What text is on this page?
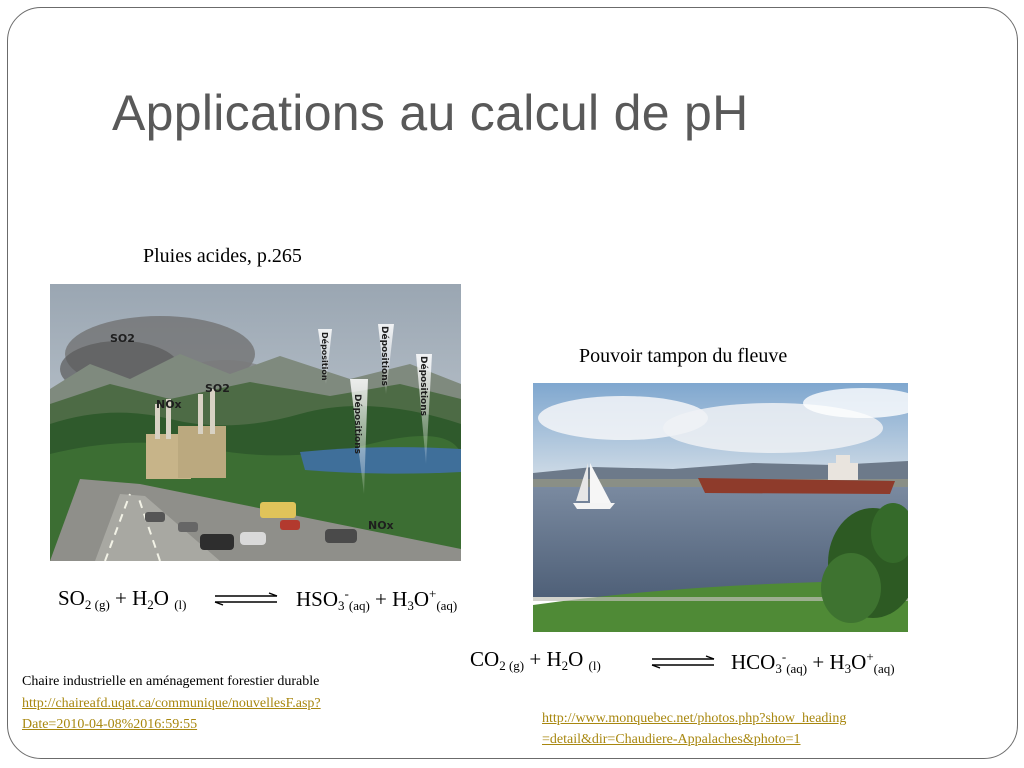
Applications au calcul de pH
Pluies acides, p.265
SO2
SO2
NOx
NOx
Déposition	Dépositions
Dépositions
Dépositions
Pouvoir tampon du fleuve
$SO_{2 (g)} + H_2O$ $_{(l)}$ ⇌ $HSO_3^-_{(aq)} + H_3O^+_{(aq)}$
$CO_{2 (g)} + H_2O$ $_{(l)}$ ⇌ $HCO_3^-_{(aq)} + H_3O^+_{(aq)}$
Chaire industrielle en aménagement forestier durable
http://chaireafd.uqat.ca/communique/nouvellesF.asp?
Date=2010-04-08%2016:59:55	http://www.monquebec.net/photos.php?show_heading
=detail&dir=Chaudiere-Appalaches&photo=1
